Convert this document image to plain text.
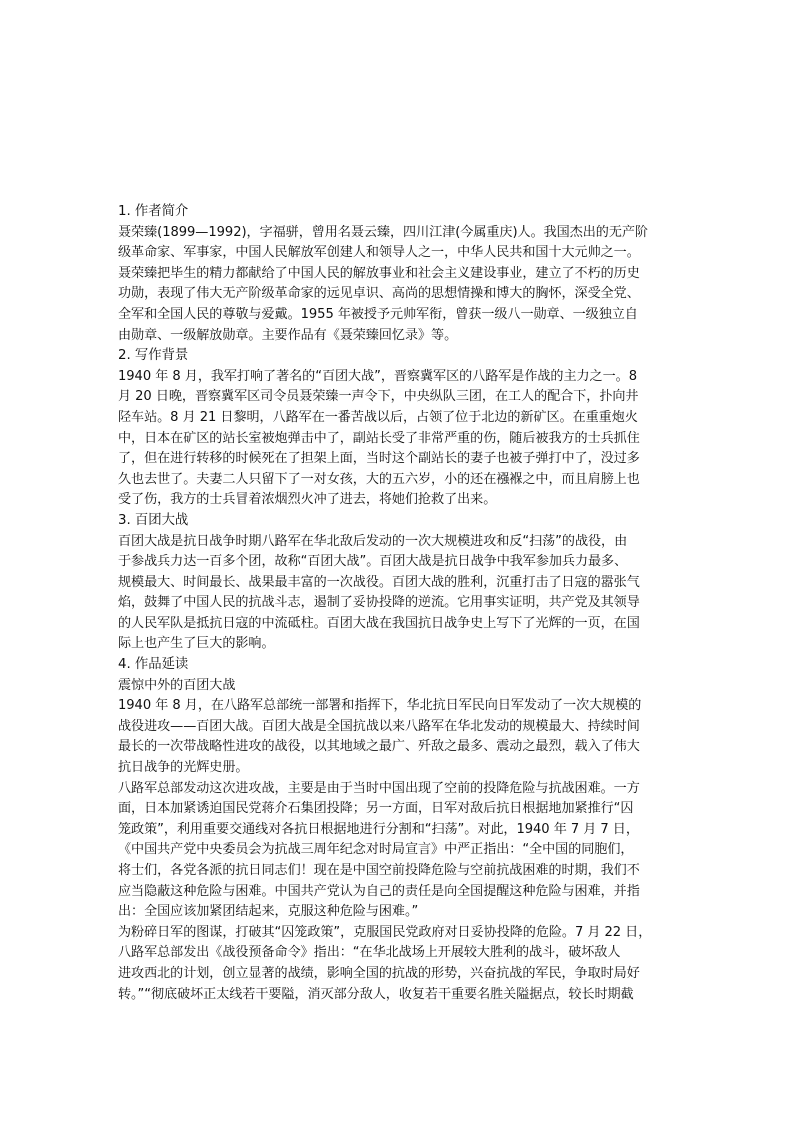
1. 作者简介
聂荣臻(1899—1992)，字福骈，曾用名聂云臻，四川江津(今属重庆)人。我国杰出的无产阶
级革命家、军事家，中国人民解放军创建人和领导人之一，中华人民共和国十大元帅之一。
聂荣臻把毕生的精力都献给了中国人民的解放事业和社会主义建设事业，建立了不朽的历史
功勋，表现了伟大无产阶级革命家的远见卓识、高尚的思想情操和博大的胸怀，深受全党、
全军和全国人民的尊敬与爱戴。1955 年被授予元帅军衔，曾获一级八一勋章、一级独立自
由勋章、一级解放勋章。主要作品有《聂荣臻回忆录》等。
2. 写作背景
1940 年 8 月，我军打响了著名的“百团大战”，晋察冀军区的八路军是作战的主力之一。8
月 20 日晚，晋察冀军区司令员聂荣臻一声令下，中央纵队三团，在工人的配合下，扑向井
陉车站。8 月 21 日黎明，八路军在一番苦战以后，占领了位于北边的新矿区。在重重炮火
中，日本在矿区的站长室被炮弹击中了，副站长受了非常严重的伤，随后被我方的士兵抓住
了，但在进行转移的时候死在了担架上面，当时这个副站长的妻子也被子弹打中了，没过多
久也去世了。夫妻二人只留下了一对女孩，大的五六岁，小的还在襁褓之中，而且肩膀上也
受了伤，我方的士兵冒着浓烟烈火冲了进去，将她们抢救了出来。
3. 百团大战
百团大战是抗日战争时期八路军在华北敌后发动的一次大规模进攻和反“扫荡”的战役，由
于参战兵力达一百多个团，故称“百团大战”。百团大战是抗日战争中我军参加兵力最多、
规模最大、时间最长、战果最丰富的一次战役。百团大战的胜利，沉重打击了日寇的嚣张气
焰，鼓舞了中国人民的抗战斗志，遏制了妥协投降的逆流。它用事实证明，共产党及其领导
的人民军队是抵抗日寇的中流砥柱。百团大战在我国抗日战争史上写下了光辉的一页，在国
际上也产生了巨大的影响。
4. 作品延读
震惊中外的百团大战
1940 年 8 月，在八路军总部统一部署和指挥下，华北抗日军民向日军发动了一次大规模的
战役进攻——百团大战。百团大战是全国抗战以来八路军在华北发动的规模最大、持续时间
最长的一次带战略性进攻的战役，以其地域之最广、歼敌之最多、震动之最烈，载入了伟大
抗日战争的光辉史册。
八路军总部发动这次进攻战，主要是由于当时中国出现了空前的投降危险与抗战困难。一方
面，日本加紧诱迫国民党蒋介石集团投降；另一方面，日军对敌后抗日根据地加紧推行“囚
笼政策”，利用重要交通线对各抗日根据地进行分割和“扫荡”。对此，1940 年 7 月 7 日，
《中国共产党中央委员会为抗战三周年纪念对时局宣言》中严正指出：“全中国的同胞们，
将士们，各党各派的抗日同志们！现在是中国空前投降危险与空前抗战困难的时期，我们不
应当隐蔽这种危险与困难。中国共产党认为自己的责任是向全国提醒这种危险与困难，并指
出：全国应该加紧团结起来，克服这种危险与困难。”
为粉碎日军的图谋，打破其“囚笼政策”，克服国民党政府对日妥协投降的危险。7 月 22 日，
八路军总部发出《战役预备命令》指出：“在华北战场上开展较大胜利的战斗，破坏敌人
进攻西北的计划，创立显著的战绩，影响全国的抗战的形势，兴奋抗战的军民，争取时局好
转。”“彻底破坏正太线若干要隘，消灭部分敌人，收复若干重要名胜关隘据点，较长时期截
